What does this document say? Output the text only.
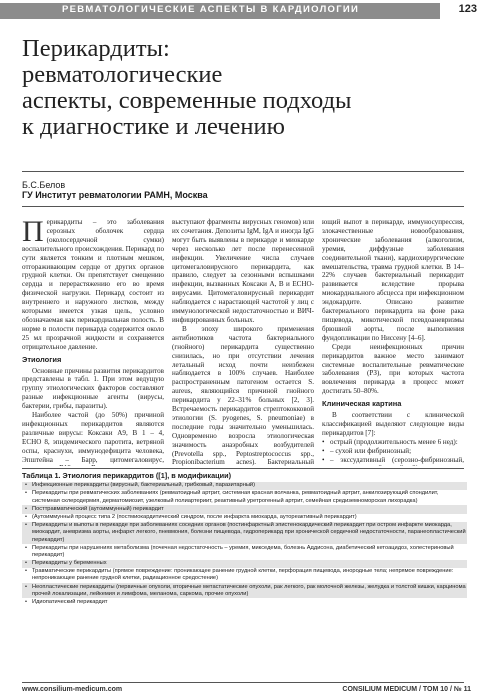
РЕВМАТОЛОГИЧЕСКИЕ АСПЕКТЫ В КАРДИОЛОГИИ	123
Перикардиты:
ревматологические
аспекты, современные подходы
к диагностике и лечению
Б.С.Белов
ГУ Институт ревматологии РАМН, Москва

Перикардиты – это заболевания серозных оболочек сердца (околосердечной сумки) воспалительного происхождения. Перикард по сути является тонким и плотным мешком, отгораживающим сердце от других органов грудной клетки. Он препятствует смещению сердца и перерастяжению его во время физической нагрузки. Перикард состоит из внутреннего и наружного листков, между которыми имеется узкая щель, условно обозначаемая как перикардиальная полость. В норме в полости перикарда содержится около 25 мл прозрачной жидкости и сохраняется отрицательное давление.

Этиология

Основные причины развития перикардитов представлены в табл. 1. При этом ведущую группу этиологических факторов составляют разные инфекционные агенты (вирусы, бактерии, грибы, паразиты).

Наиболее частой (до 50%) причиной инфекционных перикардитов являются различные вирусы: Коксаки А9, В 1 – 4, ECHO 8, эпидемического паротита, ветряной оспы, краснухи, иммунодефицита человека, Эпштейна – Барр, цитомегаловирус,

выступают фрагменты вирусных геномов) или их сочетания. Депозиты IgM, IgA и иногда IgG могут быть выявлены в перикарде и миокарде через несколько лет после перенесенной инфекции. Увеличение числа случаев цитомегаловирусного перикардита, как правило, следует за сезонными вспышками инфекции, вызванных Коксаки А, В и ЕСНО-вирусами. Цитомегаловирусный перикардит наблюдается с нарастающей частотой у лиц с иммунологической недостаточностью и ВИЧ-инфицированных больных.

В эпоху широкого применения антибиотиков частота бактериального (гнойного) перикардита существенно снизилась, но при отсутствии лечения летальный исход почти неизбежен наблюдается в 100% случаев. Наиболее распространенным патогеном остается S. aureus, являющийся причиной гнойного перикардита у 22–31% больных [2, 3]. Встречаемость перикардитов стрептококковой этиологии (S. pyogenes, S. pneumoniae) в последние годы значительно уменьшилась. Одновременно возросла этиологическая значимость анаэробных возбудителей (Prevotella spp., Peptostreptococcus spp., Propionibacterium acnes). Бактериальный

ющий выпот в перикарде, иммуносупрессия, злокачественные новообразования, хронические заболевания (алкоголизм, уремия, диффузные заболевания соединительной ткани), кардиохирургические вмешательства, травма грудной клетки. В 14–22% случаев бактериальный перикардит развивается вследствие прорыва миокардиального абсцесса при инфекционном эндокардите. Описано развитие бактериального перикардита на фоне рака пищевода, микотической псевдоаневризмы брюшной аорты, после выполнения фундопликации по Ниссену [4–6].

Среди неинфекционных причин перикардитов важное место занимают системные воспалительные ревматические заболевания (РЗ), при которых частота вовлечения перикарда в процесс может достигать 50–80%.

Клиническая картина

В соответствии с клинической классификацией выделяют следующие виды перикардитов [7]:

• острый (продолжительность менее 6 нед):
• – сухой или фибринозный;
• – экссудативный (серозно-фибринозный,
Таблица 1. Этиология перикардитов ([1], в модификации)
• Инфекционные перикардиты (вирусный, бактериальный, грибковый, паразитарный)
• Перикардиты при ревматических заболеваниях (ревматоидный артрит, системная красная волчанка, ревматоидный артрит, анкилозирующий спондилит, системная склеродермия, дерматомиозит, узелковый полиартериит, реактивный уретрогенный артрит, семейная средиземноморская лихорадка)
• Посттравматический (аутоиммунный) перикардит
• (Аутоиммунный процесс типа 2 (постмиокардитический синдром, после инфаркта миокарда, аутореактивный перикардит)
• Перикардиты и выпоты в перикарде при заболеваниях соседних органов (постинфарктный эпистенокардический перикардит при остром инфаркте миокарда, миокардит, аневризма аорты, инфаркт легкого, пневмония, болезни пищевода, гидроперикард при хронической сердечной недостаточности, паранеопластический перикардит)
• Перикардиты при нарушениях метаболизма (почечная недостаточность – уремия, микседема, болезнь Аддисона, диабетический кетоацидоз, холестериновый перикардит)
• Перикардиты у беременных
• Травматические перикардиты (прямое повреждение: проникающее ранение грудной клетки, перфорация пищевода, инородные тела; непрямое повреждение: непроникающее ранение грудной клетки, радиационное средостение)
• Неопластические перикардиты (первичные опухоли, вторичные метастатические опухоли, рак легкого, рак молочной железы, желудка и толстой кишки, карцинома прочей локализации, лейкемия и лимфома, меланома, саркома, прочие опухоли)
• Идиопатический перикардит
www.consilium-medicum.com	CONSILIUM MEDICUM / ТОМ 10 / № 11
